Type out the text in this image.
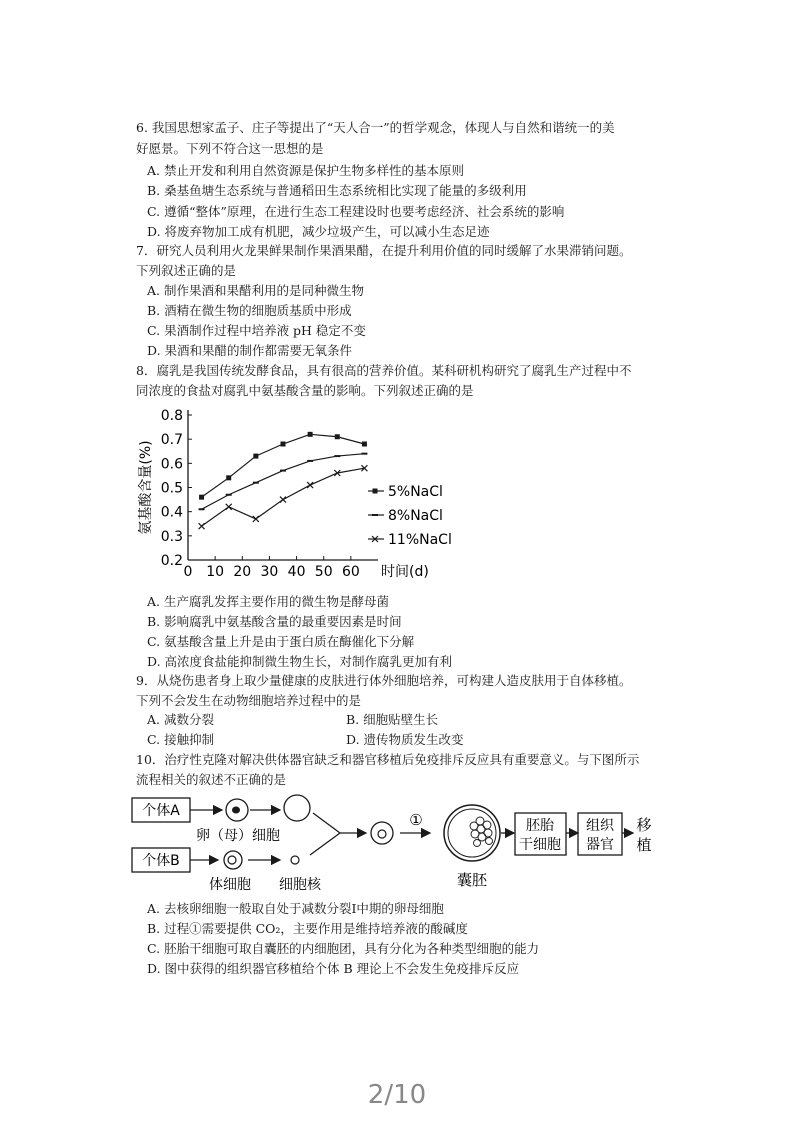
6. 我国思想家孟子、庄子等提出了“天人合一”的哲学观念，体现人与自然和谐统一的美
好愿景。下列不符合这一思想的是
A. 禁止开发和利用自然资源是保护生物多样性的基本原则
B. 桑基鱼塘生态系统与普通稻田生态系统相比实现了能量的多级利用
C. 遵循“整体”原理，在进行生态工程建设时也要考虑经济、社会系统的影响
D. 将废弃物加工成有机肥，减少垃圾产生，可以减小生态足迹
7．研究人员利用火龙果鲜果制作果酒果醋，在提升利用价值的同时缓解了水果滞销问题。
下列叙述正确的是
A. 制作果酒和果醋利用的是同种微生物
B. 酒精在微生物的细胞质基质中形成
C. 果酒制作过程中培养液 pH 稳定不变
D. 果酒和果醋的制作都需要无氧条件
8．腐乳是我国传统发酵食品，具有很高的营养价值。某科研机构研究了腐乳生产过程中不
同浓度的食盐对腐乳中氨基酸含量的影响。下列叙述正确的是
0.2
0.3
0.4
0.5
0.6
0.7
0.8
0 10 20 30 40 50 60 时间(d)
氨基酸含量(%)	5%NaCl
8%NaCl
11%NaCl
A. 生产腐乳发挥主要作用的微生物是酵母菌
B. 影响腐乳中氨基酸含量的最重要因素是时间
C. 氨基酸含量上升是由于蛋白质在酶催化下分解
D. 高浓度食盐能抑制微生物生长，对制作腐乳更加有利
9．从烧伤患者身上取少量健康的皮肤进行体外细胞培养，可构建人造皮肤用于自体移植。
下列不会发生在动物细胞培养过程中的是
A. 减数分裂	B. 细胞贴壁生长
C. 接触抑制	D. 遗传物质发生改变
10．治疗性克隆对解决供体器官缺乏和器官移植后免疫排斥反应具有重要意义。与下图所示
流程相关的叙述不正确的是
个体A
卵（母）细胞
个体B
体细胞 细胞核
①
囊胚
胚胎
干细胞
组织
器官
移
植
A. 去核卵细胞一般取自处于减数分裂Ⅰ中期的卵母细胞
B. 过程①需要提供 CO₂，主要作用是维持培养液的酸碱度
C. 胚胎干细胞可取自囊胚的内细胞团，具有分化为各种类型细胞的能力
D. 图中获得的组织器官移植给个体 B 理论上不会发生免疫排斥反应
2/10
